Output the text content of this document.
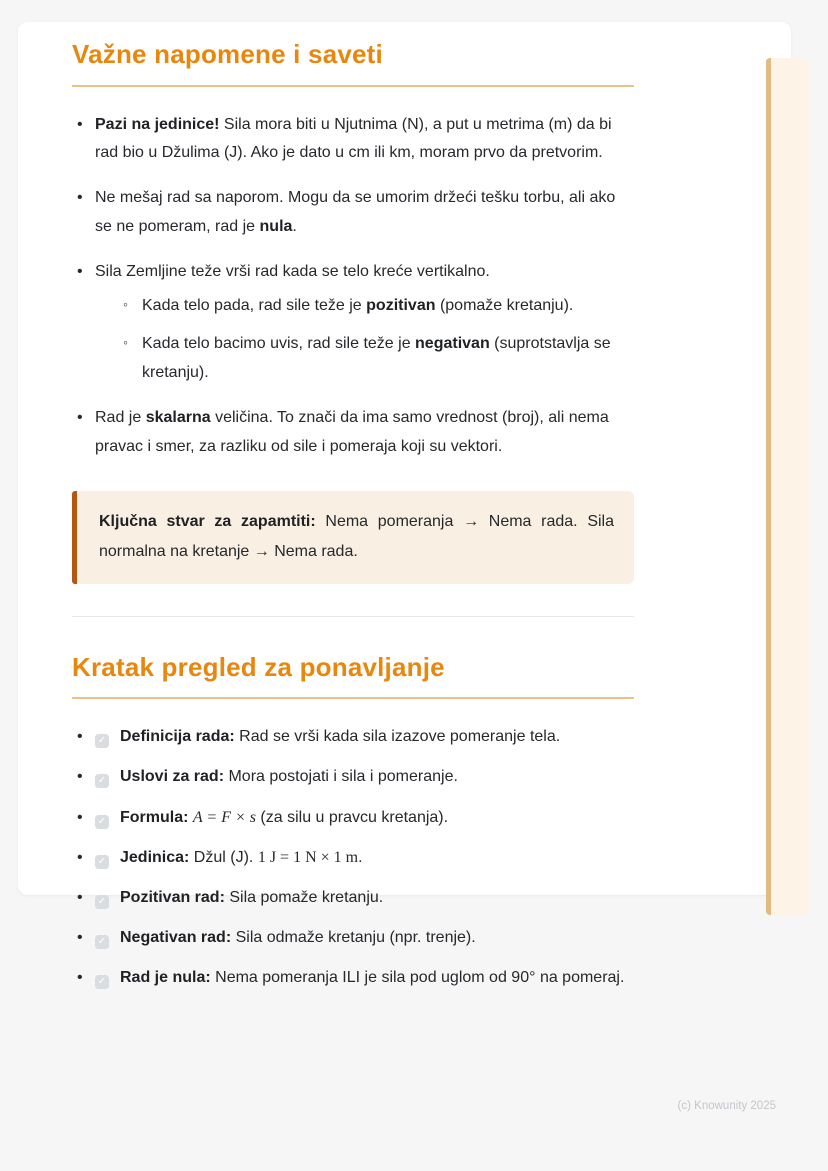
Važne napomene i saveti
• Pazi na jedinice! Sila mora biti u Njutnima (N), a put u metrima (m) da bi rad bio u Džulima (J). Ako je dato u cm ili km, moram prvo da pretvorim.
• Ne mešaj rad sa naporom. Mogu da se umorim držeći tešku torbu, ali ako se ne pomeram, rad je nula.
• Sila Zemljine teže vrši rad kada se telo kreće vertikalno.
◦ Kada telo pada, rad sile teže je pozitivan (pomaže kretanju).
◦ Kada telo bacimo uvis, rad sile teže je negativan (suprotstavlja se kretanju).
• Rad je skalarna veličina. To znači da ima samo vrednost (broj), ali nema pravac i smer, za razliku od sile i pomeraja koji su vektori.

Ključna stvar za zapamtiti: Nema pomeranja → Nema rada. Sila normalna na kretanje → Nema rada.

Kratak pregled za ponavljanje
• ✓ Definicija rada: Rad se vrši kada sila izazove pomeranje tela.
• ✓ Uslovi za rad: Mora postojati i sila i pomeranje.
• ✓ Formula: A = F × s (za silu u pravcu kretanja).
• ✓ Jedinica: Džul (J). 1 J = 1 N × 1 m.
• ✓ Pozitivan rad: Sila pomaže kretanju.
• ✓ Negativan rad: Sila odmaže kretanju (npr. trenje).
• ✓ Rad je nula: Nema pomeranja ILI je sila pod uglom od 90° na pomeraj.
(c) Knowunity 2025
